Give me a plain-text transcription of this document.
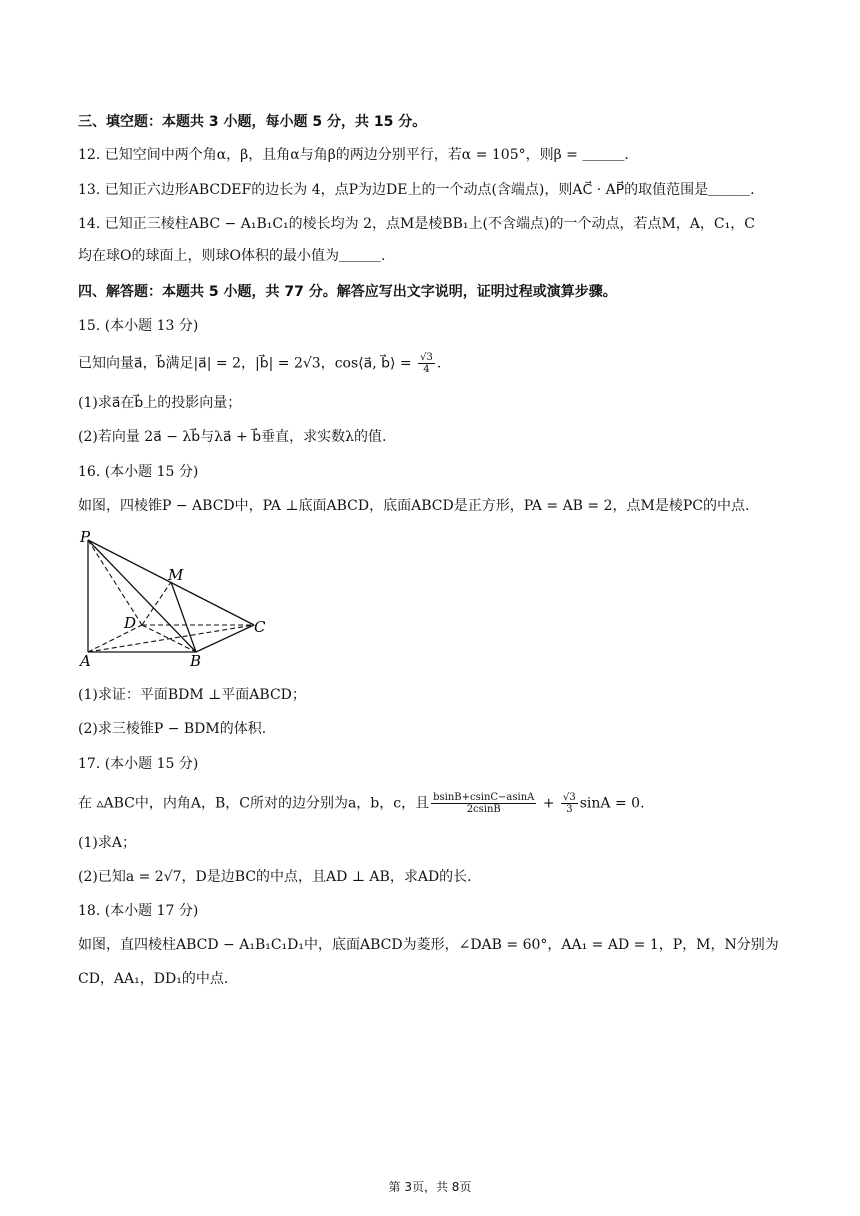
三、填空题：本题共 3 小题，每小题 5 分，共 15 分。
12. 已知空间中两个角α，β，且角α与角β的两边分别平行，若α = 105°，则β = ＿＿＿.
13. 已知正六边形ABCDEF的边长为 4，点P为边DE上的一个动点(含端点)，则AC⃗ · AP⃗的取值范围是＿＿＿.
14. 已知正三棱柱ABC − A₁B₁C₁的棱长均为 2，点M是棱BB₁上(不含端点)的一个动点，若点M，A，C₁，C
均在球O的球面上，则球O体积的最小值为＿＿＿.
四、解答题：本题共 5 小题，共 77 分。解答应写出文字说明，证明过程或演算步骤。
15. (本小题 13 分)
已知向量a⃗，b⃗满足|a⃗| = 2，|b⃗| = 2√3，cos⟨a⃗, b⃗⟩ = $\frac{√3}{4}$ .
(1)求a⃗在b⃗上的投影向量；
(2)若向量 2a⃗ − λb⃗与λa⃗ + b⃗垂直，求实数λ的值.
16. (本小题 15 分)
如图，四棱锥P − ABCD中，PA ⊥底面ABCD，底面ABCD是正方形，PA = AB = 2，点M是棱PC的中点.
P
M
D	C
A	B
(1)求证：平面BDM ⊥平面ABCD；
(2)求三棱锥P − BDM的体积.
17. (本小题 15 分)
在 ▵ABC中，内角A，B，C所对的边分别为a，b，c，且 $\frac{bsinB+csinC-asinA}{2csinB} + \frac{√3}{3}$ sinA = 0.
(1)求A；
(2)已知a = 2√7，D是边BC的中点，且AD ⊥ AB，求AD的长.
18. (本小题 17 分)
如图，直四棱柱ABCD − A₁B₁C₁D₁中，底面ABCD为菱形，∠DAB = 60°，AA₁ = AD = 1，P，M，N分别为
CD，AA₁，DD₁的中点.
第 3页，共 8页
